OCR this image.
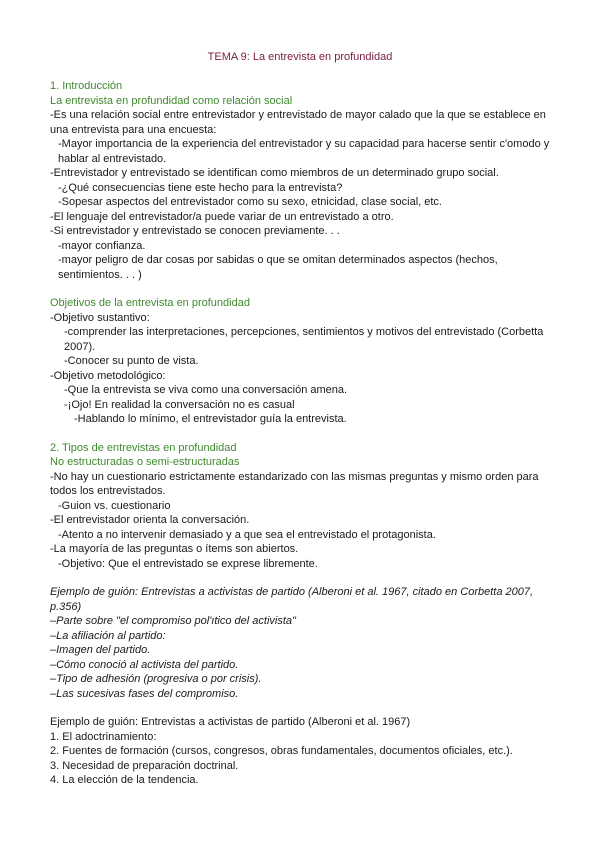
TEMA 9: La entrevista en profundidad
1. Introducción
La entrevista en profundidad como relación social
-Es una relación social entre entrevistador y entrevistado de mayor calado que la que se establece en una entrevista para una encuesta:
-Mayor importancia de la experiencia del entrevistador y su capacidad para hacerse sentir c'omodo y hablar al entrevistado.
-Entrevistador y entrevistado se identifican como miembros de un determinado grupo social.
-¿Qué consecuencias tiene este hecho para la entrevista?
-Sopesar aspectos del entrevistador como su sexo, etnicidad, clase social, etc.
-El lenguaje del entrevistador/a puede variar de un entrevistado a otro.
-Si entrevistador y entrevistado se conocen previamente. . .
-mayor confianza.
-mayor peligro de dar cosas por sabidas o que se omitan determinados aspectos (hechos, sentimientos. . . )
Objetivos de la entrevista en profundidad
-Objetivo sustantivo:
-comprender las interpretaciones, percepciones, sentimientos y motivos del entrevistado (Corbetta 2007).
-Conocer su punto de vista.
-Objetivo metodológico:
-Que la entrevista se viva como una conversación amena.
-¡Ojo! En realidad la conversación no es casual
-Hablando lo mínimo, el entrevistador guía la entrevista.
2. Tipos de entrevistas en profundidad
No estructuradas o semi-estructuradas
-No hay un cuestionario estrictamente estandarizado con las mismas preguntas y mismo orden para todos los entrevistados.
-Guion vs. cuestionario
-El entrevistador orienta la conversación.
-Atento a no intervenir demasiado y a que sea el entrevistado el protagonista.
-La mayoría de las preguntas o ítems son abiertos.
-Objetivo: Que el entrevistado se exprese libremente.
Ejemplo de guión: Entrevistas a activistas de partido (Alberoni et al. 1967, citado en Corbetta 2007, p.356)
–Parte sobre "el compromiso pol'ıtico del activista"
–La afiliación al partido:
–Imagen del partido.
–Cómo conoció al activista del partido.
–Tipo de adhesión (progresiva o por crisis).
–Las sucesivas fases del compromiso.
Ejemplo de guión: Entrevistas a activistas de partido (Alberoni et al. 1967)
1. El adoctrinamiento:
2. Fuentes de formación (cursos, congresos, obras fundamentales, documentos oficiales, etc.).
3. Necesidad de preparación doctrinal.
4. La elección de la tendencia.
